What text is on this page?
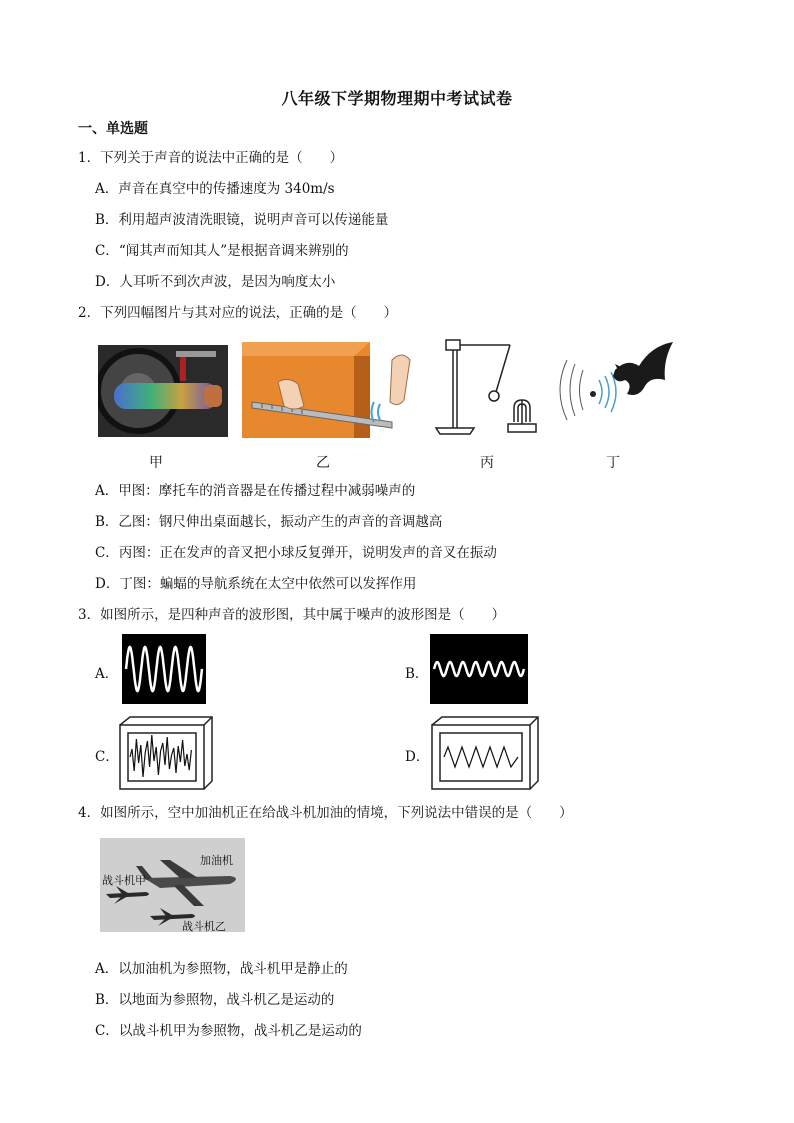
八年级下学期物理期中考试试卷
一、单选题
1．下列关于声音的说法中正确的是（　　）
A．声音在真空中的传播速度为 340m/s
B．利用超声波清洗眼镜，说明声音可以传递能量
C．“闻其声而知其人”是根据音调来辨别的
D．人耳听不到次声波，是因为响度太小
2．下列四幅图片与其对应的说法，正确的是（　　）
甲	乙	丙	丁
A．甲图：摩托车的消音器是在传播过程中减弱噪声的
B．乙图：钢尺伸出桌面越长，振动产生的声音的音调越高
C．丙图：正在发声的音叉把小球反复弹开，说明发声的音叉在振动
D．丁图：蝙蝠的导航系统在太空中依然可以发挥作用
3．如图所示，是四种声音的波形图，其中属于噪声的波形图是（　　）
A．	B．
C．	D．
4．如图所示，空中加油机正在给战斗机加油的情境，下列说法中错误的是（　　）
加油机
战斗机甲
战斗机乙
A．以加油机为参照物，战斗机甲是静止的
B．以地面为参照物，战斗机乙是运动的
C．以战斗机甲为参照物，战斗机乙是运动的
